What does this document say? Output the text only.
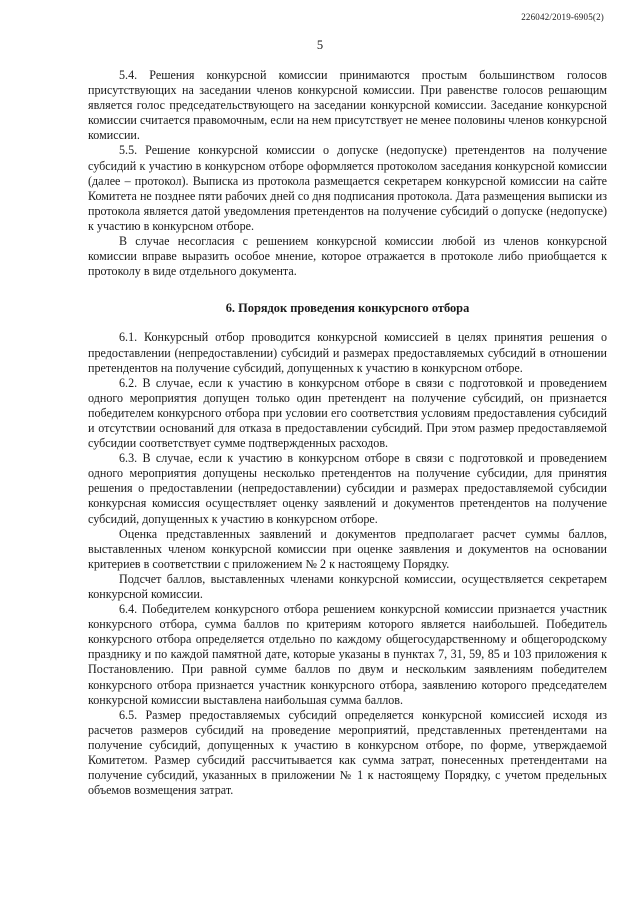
226042/2019-6905(2)
5

5.4. Решения конкурсной комиссии принимаются простым большинством голосов присутствующих на заседании членов конкурсной комиссии. При равенстве голосов решающим является голос председательствующего на заседании конкурсной комиссии. Заседание конкурсной комиссии считается правомочным, если на нем присутствует не менее половины членов конкурсной комиссии.

5.5. Решение конкурсной комиссии о допуске (недопуске) претендентов на получение субсидий к участию в конкурсном отборе оформляется протоколом заседания конкурсной комиссии (далее – протокол). Выписка из протокола размещается секретарем конкурсной комиссии на сайте Комитета не позднее пяти рабочих дней со дня подписания протокола. Дата размещения выписки из протокола является датой уведомления претендентов на получение субсидий о допуске (недопуске) к участию в конкурсном отборе.

В случае несогласия с решением конкурсной комиссии любой из членов конкурсной комиссии вправе выразить особое мнение, которое отражается в протоколе либо приобщается к протоколу в виде отдельного документа.

6. Порядок проведения конкурсного отбора

6.1. Конкурсный отбор проводится конкурсной комиссией в целях принятия решения о предоставлении (непредоставлении) субсидий и размерах предоставляемых субсидий в отношении претендентов на получение субсидий, допущенных к участию в конкурсном отборе.

6.2. В случае, если к участию в конкурсном отборе в связи с подготовкой и проведением одного мероприятия допущен только один претендент на получение субсидий, он признается победителем конкурсного отбора при условии его соответствия условиям предоставления субсидий и отсутствии оснований для отказа в предоставлении субсидий. При этом размер предоставляемой субсидии соответствует сумме подтвержденных расходов.

6.3. В случае, если к участию в конкурсном отборе в связи с подготовкой и проведением одного мероприятия допущены несколько претендентов на получение субсидии, для принятия решения о предоставлении (непредоставлении) субсидии и размерах предоставляемой субсидии конкурсная комиссия осуществляет оценку заявлений и документов претендентов на получение субсидий, допущенных к участию в конкурсном отборе.

Оценка представленных заявлений и документов предполагает расчет суммы баллов, выставленных членом конкурсной комиссии при оценке заявления и документов на основании критериев в соответствии с приложением № 2 к настоящему Порядку.

Подсчет баллов, выставленных членами конкурсной комиссии, осуществляется секретарем конкурсной комиссии.

6.4. Победителем конкурсного отбора решением конкурсной комиссии признается участник конкурсного отбора, сумма баллов по критериям которого является наибольшей. Победитель конкурсного отбора определяется отдельно по каждому общегосударственному и общегородскому празднику и по каждой памятной дате, которые указаны в пунктах 7, 31, 59, 85 и 103 приложения к Постановлению. При равной сумме баллов по двум и нескольким заявлениям победителем конкурсного отбора признается участник конкурсного отбора, заявлению которого председателем конкурсной комиссии выставлена наибольшая сумма баллов.

6.5. Размер предоставляемых субсидий определяется конкурсной комиссией исходя из расчетов размеров субсидий на проведение мероприятий, представленных претендентами на получение субсидий, допущенных к участию в конкурсном отборе, по форме, утверждаемой Комитетом. Размер субсидий рассчитывается как сумма затрат, понесенных претендентами на получение субсидий, указанных в приложении № 1 к настоящему Порядку, с учетом предельных объемов возмещения затрат.
